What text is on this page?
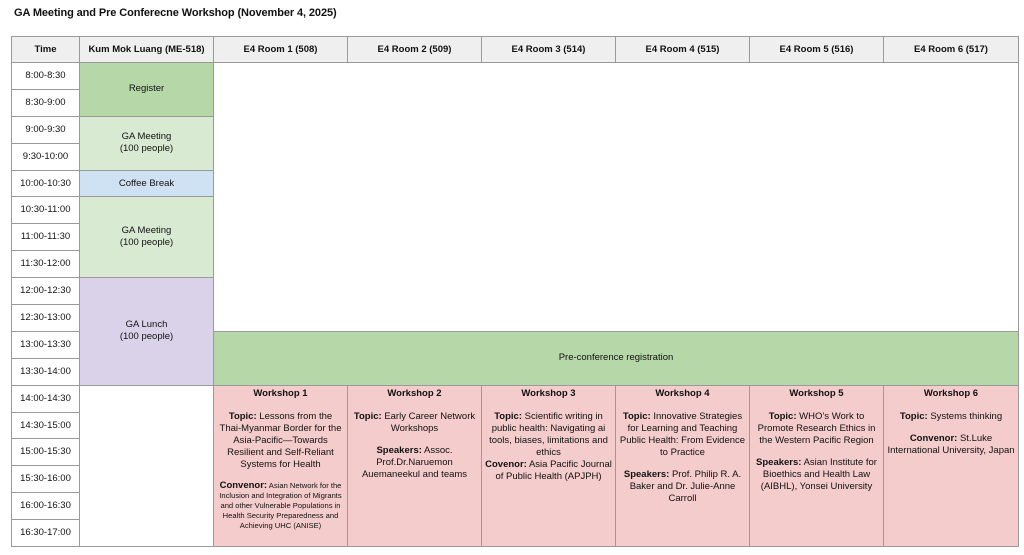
GA Meeting and Pre Conferecne Workshop (November 4, 2025)
Time	Kum Mok Luang (ME-518)	E4 Room 1 (508)	E4 Room 2 (509)	E4 Room 3 (514)	E4 Room 4 (515)	E4 Room 5 (516)	E4 Room 6 (517)
8:00-8:30	Register						
8:30-9:00							
9:00-9:30	GA Meeting
(100 people)						

9:30-10:00							
10:00-10:30	Coffee Break						
10:30-11:00	GA Meeting
(100 people)						

11:00-11:30							
11:30-12:00							
12:00-12:30	GA Lunch
(100 people)						

12:30-13:00							
13:00-13:30		Pre-conference registration					
13:30-14:00							
14:00-14:30		Workshop 1
Topic: Lessons from the Thai-Myanmar Border for the Asia-Pacific—Towards Resilient and Self-Reliant Systems for Health
Convenor: Asian Network for the Inclusion and Integration of Migrants and other Vulnerable Populations in Health Security Preparedness and Achieving UHC (ANISE)

Workshop 2
Topic: Early Career Network Workshops
Speakers: Assoc. Prof.Dr.Naruemon Auemaneekul and teams

Workshop 3
Topic: Scientific writing in public health: Navigating ai tools, biases, limitations and ethics
Covenor: Asia Pacific Journal of Public Health (APJPH)

Workshop 4
Topic: Innovative Strategies for Learning and Teaching Public Health: From Evidence to Practice
Speakers: Prof. Philip R. A. Baker and Dr. Julie-Anne Carroll

Workshop 5
Topic: WHO’s Work to Promote Research Ethics in the Western Pacific Region
Speakers: Asian Institute for Bioethics and Health Law (AIBHL), Yonsei University

Workshop 6
Topic: Systems thinking
Convenor: St.Luke International University, Japan

14:30-15:00							
15:00-15:30							
15:30-16:00							
16:00-16:30							
16:30-17:00							
